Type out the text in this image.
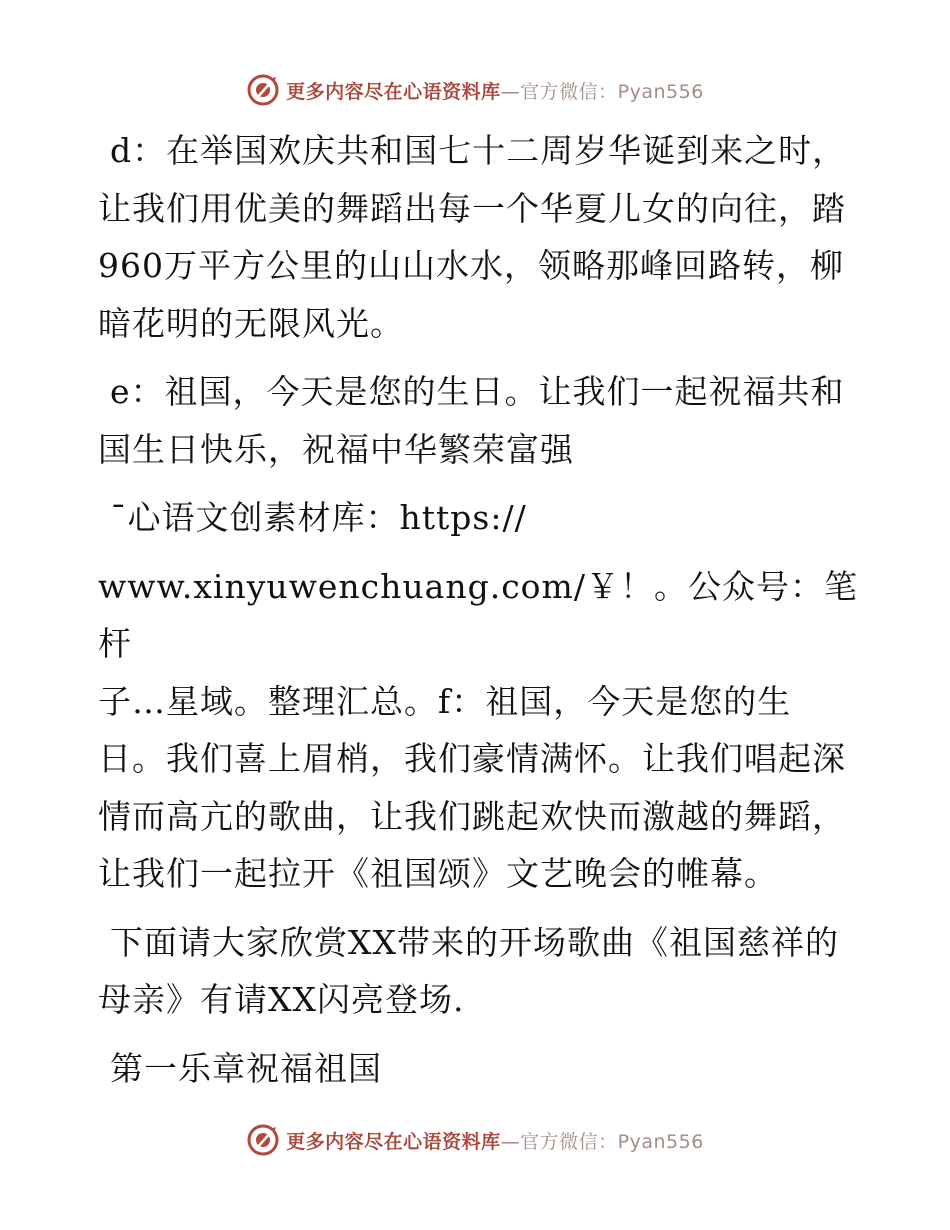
更多内容尽在心语资料库—官方微信：Pyan556

d：在举国欢庆共和国七十二周岁华诞到来之时，让我们用优美的舞蹈出每一个华夏儿女的向往，踏960万平方公里的山山水水，领略那峰回路转，柳暗花明的无限风光。

e：祖国，今天是您的生日。让我们一起祝福共和国生日快乐，祝福中华繁荣富强

¯心语文创素材库：https://

www.xinyuwenchuang.com/￥！。公众号：笔杆

子…星域。整理汇总。f：祖国，今天是您的生

日。我们喜上眉梢，我们豪情满怀。让我们唱起深情而高亢的歌曲，让我们跳起欢快而激越的舞蹈，让我们一起拉开《祖国颂》文艺晚会的帷幕。

下面请大家欣赏XX带来的开场歌曲《祖国慈祥的母亲》有请XX闪亮登场.

第一乐章祝福祖国

更多内容尽在心语资料库—官方微信：Pyan556
